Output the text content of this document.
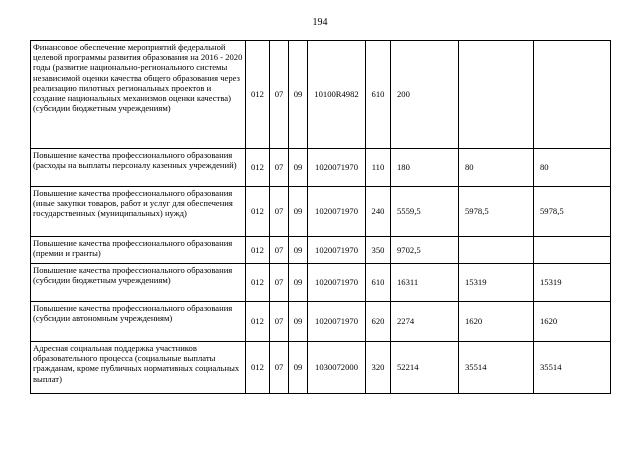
194
Финансовое обеспечение мероприятий федеральной целевой программы развития образования на 2016 - 2020 годы (развитие национально-регионального системы независимой оценки качества общего образования через реализацию пилотных региональных проектов и создание национальных механизмов оценки качества) (субсидии бюджетным учреждениям)	012	07	09	10100R4982	610	200		
Повышение качества профессионального образования (расходы на выплаты персоналу казенных учреждений)	012	07	09	1020071970	110	180	80	80
Повышение качества профессионального образования (иные закупки товаров, работ и услуг для обеспечения государственных (муниципальных) нужд)	012	07	09	1020071970	240	5559,5	5978,5	5978,5
Повышение качества профессионального образования (премии и гранты)	012	07	09	1020071970	350	9702,5		
Повышение качества профессионального образования (субсидии бюджетным учреждениям)	012	07	09	1020071970	610	16311	15319	15319
Повышение качества профессионального образования (субсидии автономным учреждениям)	012	07	09	1020071970	620	2274	1620	1620
Адресная социальная поддержка участников образовательного процесса (социальные выплаты гражданам, кроме публичных нормативных социальных выплат)	012	07	09	1030072000	320	52214	35514	35514
